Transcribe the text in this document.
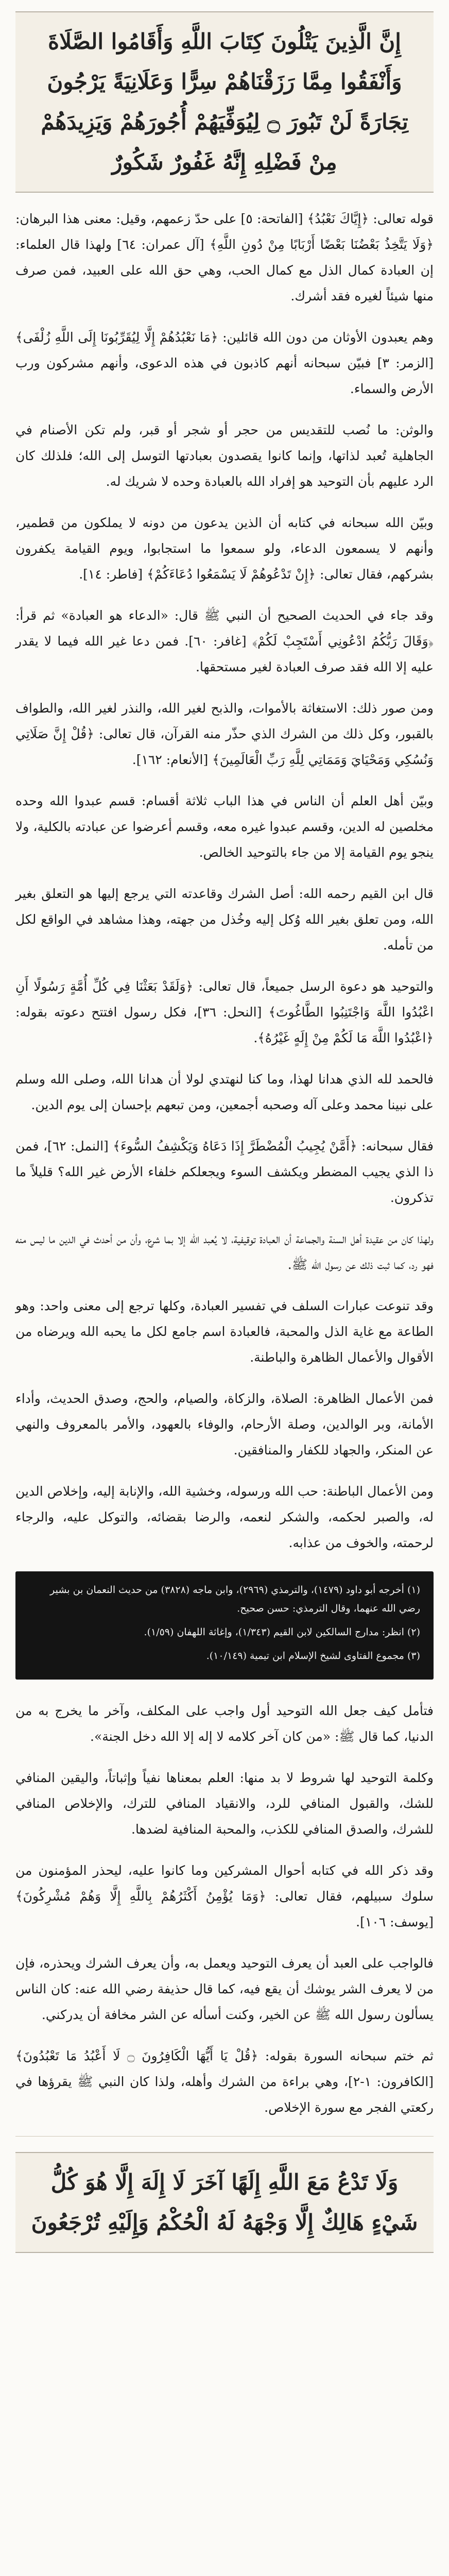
إِنَّ الَّذِينَ يَتْلُونَ كِتَابَ اللَّهِ وَأَقَامُوا الصَّلَاةَ وَأَنْفَقُوا مِمَّا رَزَقْنَاهُمْ سِرًّا وَعَلَانِيَةً يَرْجُونَ تِجَارَةً لَنْ تَبُورَ ۝ لِيُوَفِّيَهُمْ أُجُورَهُمْ وَيَزِيدَهُمْ مِنْ فَضْلِهِ إِنَّهُ غَفُورٌ شَكُورٌ

قوله تعالى: ﴿إِيَّاكَ نَعْبُدُ﴾ [الفاتحة: ٥] على حدّ زعمهم، وقيل: معنى هذا البرهان: ﴿وَلَا يَتَّخِذُ بَعْضُنَا بَعْضًا أَرْبَابًا مِنْ دُونِ اللَّهِ﴾ [آل عمران: ٦٤] ولهذا قال العلماء: إن العبادة كمال الذل مع كمال الحب، وهي حق الله على العبيد، فمن صرف منها شيئاً لغيره فقد أشرك.

وهم يعبدون الأوثان من دون الله قائلين: ﴿مَا نَعْبُدُهُمْ إِلَّا لِيُقَرِّبُونَا إِلَى اللَّهِ زُلْفَى﴾ [الزمر: ٣] فبيّن سبحانه أنهم كاذبون في هذه الدعوى، وأنهم مشركون ورب الأرض والسماء.

والوثن: ما نُصب للتقديس من حجر أو شجر أو قبر، ولم تكن الأصنام في الجاهلية تُعبد لذاتها، وإنما كانوا يقصدون بعبادتها التوسل إلى الله؛ فلذلك كان الرد عليهم بأن التوحيد هو إفراد الله بالعبادة وحده لا شريك له.

وبيّن الله سبحانه في كتابه أن الذين يدعون من دونه لا يملكون من قطمير، وأنهم لا يسمعون الدعاء، ولو سمعوا ما استجابوا، ويوم القيامة يكفرون بشركهم، فقال تعالى: ﴿إِنْ تَدْعُوهُمْ لَا يَسْمَعُوا دُعَاءَكُمْ﴾ [فاطر: ١٤].

وقد جاء في الحديث الصحيح أن النبي ﷺ قال: «الدعاء هو العبادة» ثم قرأ: ﴿وَقَالَ رَبُّكُمُ ادْعُونِي أَسْتَجِبْ لَكُمْ﴾ [غافر: ٦٠]. فمن دعا غير الله فيما لا يقدر عليه إلا الله فقد صرف العبادة لغير مستحقها.

ومن صور ذلك: الاستغاثة بالأموات، والذبح لغير الله، والنذر لغير الله، والطواف بالقبور، وكل ذلك من الشرك الذي حذّر منه القرآن، قال تعالى: ﴿قُلْ إِنَّ صَلَاتِي وَنُسُكِي وَمَحْيَايَ وَمَمَاتِي لِلَّهِ رَبِّ الْعَالَمِينَ﴾ [الأنعام: ١٦٢].

وبيّن أهل العلم أن الناس في هذا الباب ثلاثة أقسام: قسم عبدوا الله وحده مخلصين له الدين، وقسم عبدوا غيره معه، وقسم أعرضوا عن عبادته بالكلية، ولا ينجو يوم القيامة إلا من جاء بالتوحيد الخالص.

قال ابن القيم رحمه الله: أصل الشرك وقاعدته التي يرجع إليها هو التعلق بغير الله، ومن تعلق بغير الله وُكل إليه وخُذل من جهته، وهذا مشاهد في الواقع لكل من تأمله.

والتوحيد هو دعوة الرسل جميعاً، قال تعالى: ﴿وَلَقَدْ بَعَثْنَا فِي كُلِّ أُمَّةٍ رَسُولًا أَنِ اعْبُدُوا اللَّهَ وَاجْتَنِبُوا الطَّاغُوتَ﴾ [النحل: ٣٦]، فكل رسول افتتح دعوته بقوله: ﴿اعْبُدُوا اللَّهَ مَا لَكُمْ مِنْ إِلَهٍ غَيْرُهُ﴾.

فالحمد لله الذي هدانا لهذا، وما كنا لنهتدي لولا أن هدانا الله، وصلى الله وسلم على نبينا محمد وعلى آله وصحبه أجمعين، ومن تبعهم بإحسان إلى يوم الدين.

فقال سبحانه: ﴿أَمَّنْ يُجِيبُ الْمُضْطَرَّ إِذَا دَعَاهُ وَيَكْشِفُ السُّوءَ﴾ [النمل: ٦٢]، فمن ذا الذي يجيب المضطر ويكشف السوء ويجعلكم خلفاء الأرض غير الله؟ قليلاً ما تذكرون.

ولهذا كان من عقيدة أهل السنة والجماعة أن العبادة توقيفية، لا يُعبد الله إلا بما شرع، وأن من أحدث في الدين ما ليس منه فهو رد، كما ثبت ذلك عن رسول الله ﷺ.

وقد تنوعت عبارات السلف في تفسير العبادة، وكلها ترجع إلى معنى واحد: وهو الطاعة مع غاية الذل والمحبة، فالعبادة اسم جامع لكل ما يحبه الله ويرضاه من الأقوال والأعمال الظاهرة والباطنة.

فمن الأعمال الظاهرة: الصلاة، والزكاة، والصيام، والحج، وصدق الحديث، وأداء الأمانة، وبر الوالدين، وصلة الأرحام، والوفاء بالعهود، والأمر بالمعروف والنهي عن المنكر، والجهاد للكفار والمنافقين.

ومن الأعمال الباطنة: حب الله ورسوله، وخشية الله، والإنابة إليه، وإخلاص الدين له، والصبر لحكمه، والشكر لنعمه، والرضا بقضائه، والتوكل عليه، والرجاء لرحمته، والخوف من عذابه.

(١) أخرجه أبو داود (١٤٧٩)، والترمذي (٢٩٦٩)، وابن ماجه (٣٨٢٨) من حديث النعمان بن بشير رضي الله عنهما، وقال الترمذي: حسن صحيح.

(٢) انظر: مدارج السالكين لابن القيم (١/٣٤٣)، وإغاثة اللهفان (١/٥٩).

(٣) مجموع الفتاوى لشيخ الإسلام ابن تيمية (١٠/١٤٩).

فتأمل كيف جعل الله التوحيد أول واجب على المكلف، وآخر ما يخرج به من الدنيا، كما قال ﷺ: «من كان آخر كلامه لا إله إلا الله دخل الجنة».

وكلمة التوحيد لها شروط لا بد منها: العلم بمعناها نفياً وإثباتاً، واليقين المنافي للشك، والقبول المنافي للرد، والانقياد المنافي للترك، والإخلاص المنافي للشرك، والصدق المنافي للكذب، والمحبة المنافية لضدها.

وقد ذكر الله في كتابه أحوال المشركين وما كانوا عليه، ليحذر المؤمنون من سلوك سبيلهم، فقال تعالى: ﴿وَمَا يُؤْمِنُ أَكْثَرُهُمْ بِاللَّهِ إِلَّا وَهُمْ مُشْرِكُونَ﴾ [يوسف: ١٠٦].

فالواجب على العبد أن يعرف التوحيد ويعمل به، وأن يعرف الشرك ويحذره، فإن من لا يعرف الشر يوشك أن يقع فيه، كما قال حذيفة رضي الله عنه: كان الناس يسألون رسول الله ﷺ عن الخير، وكنت أسأله عن الشر مخافة أن يدركني.

ثم ختم سبحانه السورة بقوله: ﴿قُلْ يَا أَيُّهَا الْكَافِرُونَ ۝ لَا أَعْبُدُ مَا تَعْبُدُونَ﴾ [الكافرون: ١-٢]، وهي براءة من الشرك وأهله، ولذا كان النبي ﷺ يقرؤها في ركعتي الفجر مع سورة الإخلاص.

وَلَا تَدْعُ مَعَ اللَّهِ إِلَهًا آخَرَ لَا إِلَهَ إِلَّا هُوَ كُلُّ شَيْءٍ هَالِكٌ إِلَّا وَجْهَهُ لَهُ الْحُكْمُ وَإِلَيْهِ تُرْجَعُونَ
